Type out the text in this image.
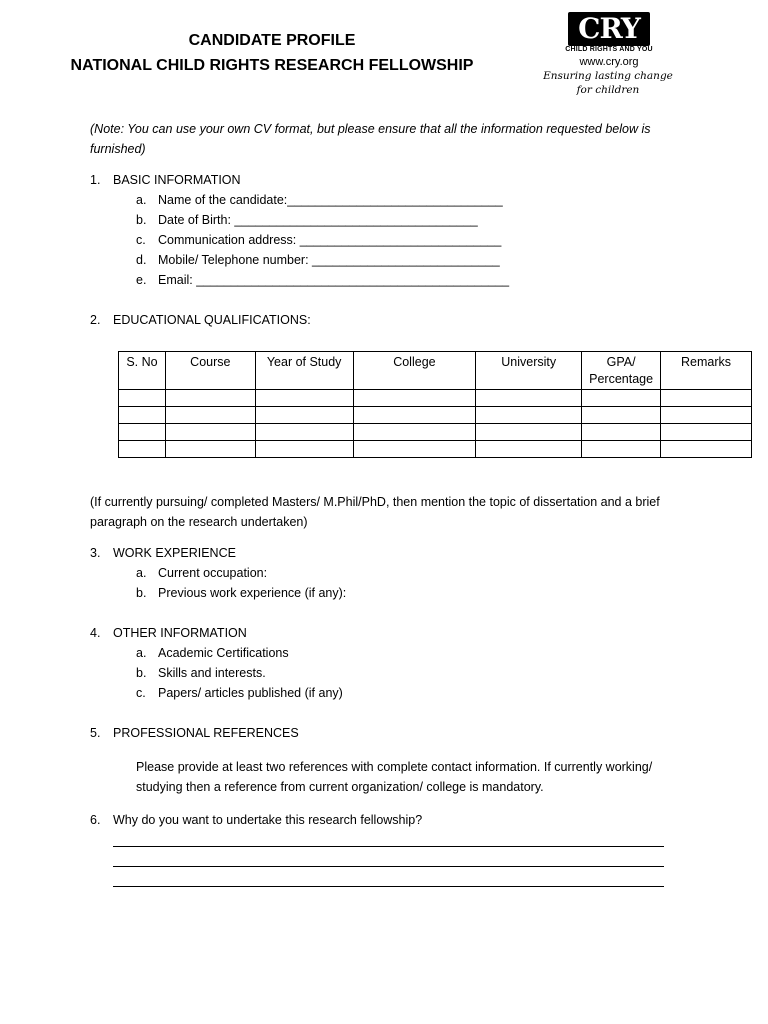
CANDIDATE PROFILE
NATIONAL CHILD RIGHTS RESEARCH FELLOWSHIP
CRY
CHILD RIGHTS AND YOU
www.cry.org
Ensuring lasting change
for children
(Note: You can use your own CV format, but please ensure that all the information requested below is furnished)
1. BASIC INFORMATION
a. Name of the candidate:_______________________________
b. Date of Birth: ___________________________________
c. Communication address: _____________________________
d. Mobile/ Telephone number: ___________________________
e. Email: _____________________________________________
2. EDUCATIONAL QUALIFICATIONS:
S. No	Course	Year of Study	College	University	GPA/ Percentage	Remarks

(If currently pursuing/ completed Masters/ M.Phil/PhD, then mention the topic of dissertation and a brief paragraph on the research undertaken)
3. WORK EXPERIENCE
a. Current occupation:
b. Previous work experience (if any):
4. OTHER INFORMATION
a. Academic Certifications
b. Skills and interests.
c. Papers/ articles published (if any)
5. PROFESSIONAL REFERENCES
Please provide at least two references with complete contact information. If currently working/ studying then a reference from current organization/ college is mandatory.
6. Why do you want to undertake this research fellowship?
